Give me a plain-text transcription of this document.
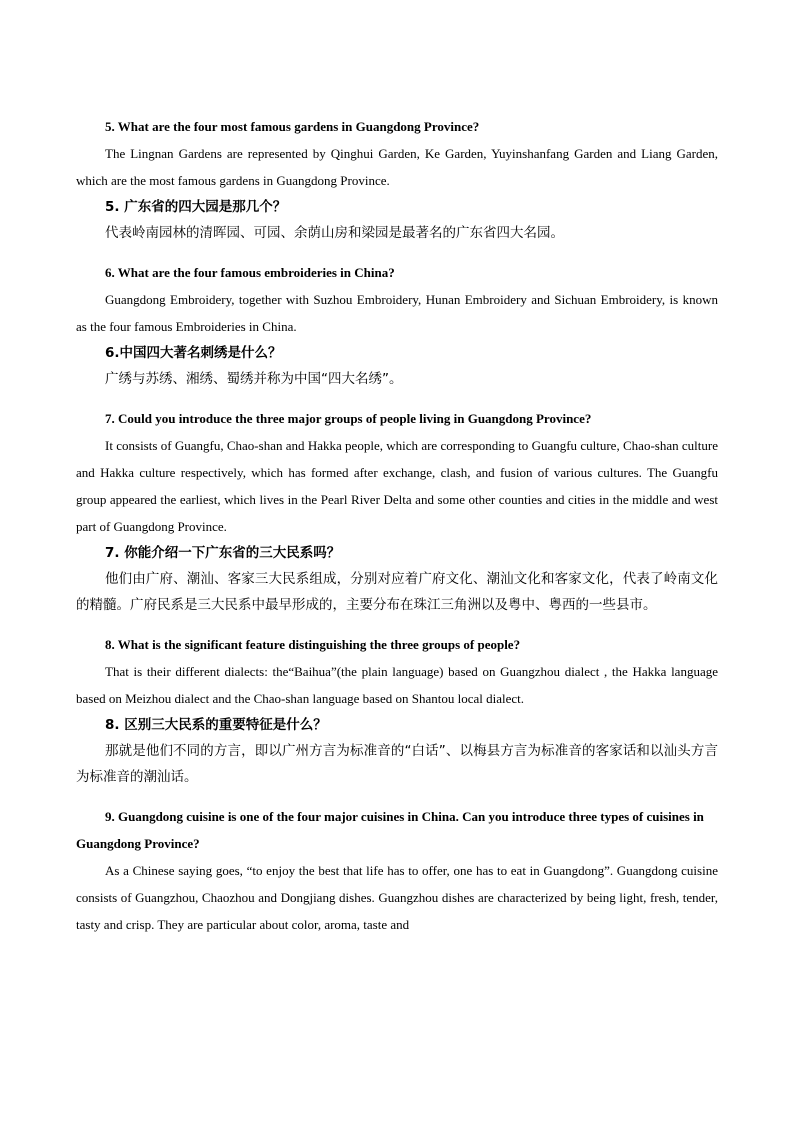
5. What are the four most famous gardens in Guangdong Province?

The Lingnan Gardens are represented by Qinghui Garden, Ke Garden, Yuyinshanfang Garden and Liang Garden, which are the most famous gardens in Guangdong Province.

5. 广东省的四大园是那几个？

代表岭南园林的清晖园、可园、余荫山房和梁园是最著名的广东省四大名园。

6. What are the four famous embroideries in China?

Guangdong Embroidery, together with Suzhou Embroidery, Hunan Embroidery and Sichuan Embroidery, is known as the four famous Embroideries in China.

6.中国四大著名刺绣是什么？

广绣与苏绣、湘绣、蜀绣并称为中国“四大名绣”。

7. Could you introduce the three major groups of people living in Guangdong Province?

It consists of Guangfu, Chao-shan and Hakka people, which are corresponding to Guangfu culture, Chao-shan culture and Hakka culture respectively, which has formed after exchange, clash, and fusion of various cultures. The Guangfu group appeared the earliest, which lives in the Pearl River Delta and some other counties and cities in the middle and west part of Guangdong Province.

7. 你能介绍一下广东省的三大民系吗？

他们由广府、潮汕、客家三大民系组成，分别对应着广府文化、潮汕文化和客家文化，代表了岭南文化的精髓。广府民系是三大民系中最早形成的，主要分布在珠江三角洲以及粤中、粤西的一些县市。

8. What is the significant feature distinguishing the three groups of people?

That is their different dialects: the“Baihua”(the plain language) based on Guangzhou dialect , the Hakka language based on Meizhou dialect and the Chao-shan language based on Shantou local dialect.

8. 区别三大民系的重要特征是什么？

那就是他们不同的方言，即以广州方言为标准音的“白话”、以梅县方言为标准音的客家话和以汕头方言为标准音的潮汕话。

9. Guangdong cuisine is one of the four major cuisines in China. Can you introduce three types of cuisines in Guangdong Province?

As a Chinese saying goes, “to enjoy the best that life has to offer, one has to eat in Guangdong”. Guangdong cuisine consists of Guangzhou, Chaozhou and Dongjiang dishes. Guangzhou dishes are characterized by being light, fresh, tender, tasty and crisp. They are particular about color, aroma, taste and
